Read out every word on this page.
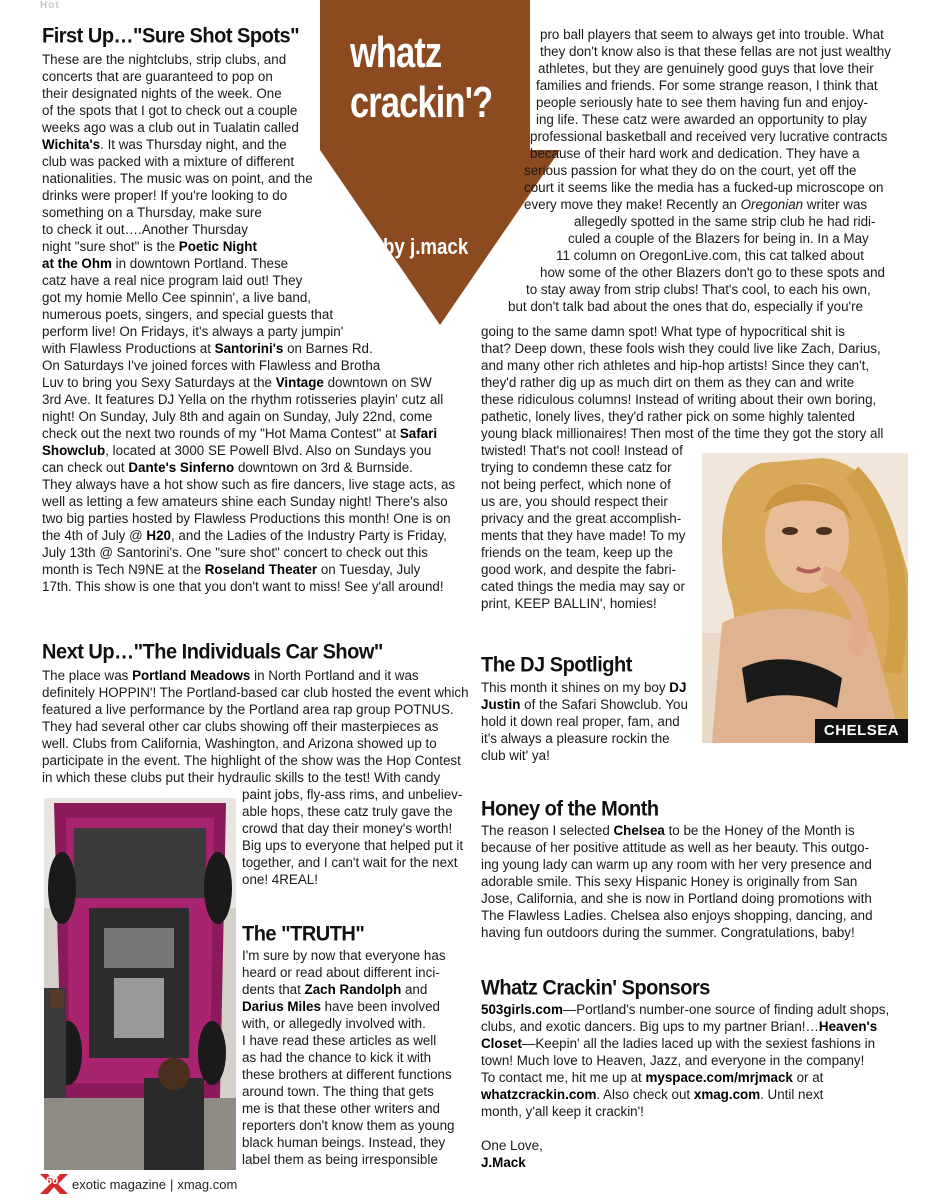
Hot
whatz
crackin'?
by j.mack
First Up…"Sure Shot Spots"
These are the nightclubs, strip clubs, and
concerts that are guaranteed to pop on
their designated nights of the week. One
of the spots that I got to check out a couple
weeks ago was a club out in Tualatin called
Wichita's. It was Thursday night, and the
club was packed with a mixture of different
nationalities. The music was on point, and the
drinks were proper! If you're looking to do
something on a Thursday, make sure
to check it out….Another Thursday
night "sure shot" is the Poetic Night
at the Ohm in downtown Portland. These
catz have a real nice program laid out! They
got my homie Mello Cee spinnin', a live band,
numerous poets, singers, and special guests that
perform live! On Fridays, it's always a party jumpin'
with Flawless Productions at Santorini's on Barnes Rd.
On Saturdays I've joined forces with Flawless and Brotha
Luv to bring you Sexy Saturdays at the Vintage downtown on SW
3rd Ave. It features DJ Yella on the rhythm rotisseries playin' cutz all
night! On Sunday, July 8th and again on Sunday, July 22nd, come
check out the next two rounds of my "Hot Mama Contest" at Safari
Showclub, located at 3000 SE Powell Blvd. Also on Sundays you
can check out Dante's Sinferno downtown on 3rd & Burnside.
They always have a hot show such as fire dancers, live stage acts, as
well as letting a few amateurs shine each Sunday night! There's also
two big parties hosted by Flawless Productions this month! One is on
the 4th of July @ H20, and the Ladies of the Industry Party is Friday,
July 13th @ Santorini's. One "sure shot" concert to check out this
month is Tech N9NE at the Roseland Theater on Tuesday, July
17th. This show is one that you don't want to miss! See y'all around!
Next Up…"The Individuals Car Show"
The place was Portland Meadows in North Portland and it was
definitely HOPPIN'! The Portland-based car club hosted the event which
featured a live performance by the Portland area rap group POTNUS.
They had several other car clubs showing off their masterpieces as
well. Clubs from California, Washington, and Arizona showed up to
participate in the event. The highlight of the show was the Hop Contest
in which these clubs put their hydraulic skills to the test! With candy
paint jobs, fly-ass rims, and unbeliev-
able hops, these catz truly gave the
crowd that day their money's worth!
Big ups to everyone that helped put it
together, and I can't wait for the next
one! 4REAL!
The "TRUTH"
I'm sure by now that everyone has
heard or read about different inci-
dents that Zach Randolph and
Darius Miles have been involved
with, or allegedly involved with.
I have read these articles as well
as had the chance to kick it with
these brothers at different functions
around town. The thing that gets
me is that these other writers and
reporters don't know them as young
black human beings. Instead, they
label them as being irresponsible
pro ball players that seem to always get into trouble. What
they don't know also is that these fellas are not just wealthy
athletes, but they are genuinely good guys that love their
families and friends. For some strange reason, I think that
people seriously hate to see them having fun and enjoy-
ing life. These catz were awarded an opportunity to play
professional basketball and received very lucrative contracts
because of their hard work and dedication. They have a
serious passion for what they do on the court, yet off the
court it seems like the media has a fucked-up microscope on
every move they make! Recently an Oregonian writer was
allegedly spotted in the same strip club he had ridi-
culed a couple of the Blazers for being in. In a May
11 column on OregonLive.com, this cat talked about
how some of the other Blazers don't go to these spots and
to stay away from strip clubs! That's cool, to each his own,
but don't talk bad about the ones that do, especially if you're
going to the same damn spot! What type of hypocritical shit is
that? Deep down, these fools wish they could live like Zach, Darius,
and many other rich athletes and hip-hop artists! Since they can't,
they'd rather dig up as much dirt on them as they can and write
these ridiculous columns! Instead of writing about their own boring,
pathetic, lonely lives, they'd rather pick on some highly talented
young black millionaires! Then most of the time they got the story all
twisted! That's not cool! Instead of
trying to condemn these catz for
not being perfect, which none of
us are, you should respect their
privacy and the great accomplish-
ments that they have made! To my
friends on the team, keep up the
good work, and despite the fabri-
cated things the media may say or
print, KEEP BALLIN', homies!
CHELSEA
The DJ Spotlight
This month it shines on my boy DJ
Justin of the Safari Showclub. You
hold it down real proper, fam, and
it's always a pleasure rockin the
club wit' ya!
Honey of the Month
The reason I selected Chelsea to be the Honey of the Month is
because of her positive attitude as well as her beauty. This outgo-
ing young lady can warm up any room with her very presence and
adorable smile. This sexy Hispanic Honey is originally from San
Jose, California, and she is now in Portland doing promotions with
The Flawless Ladies. Chelsea also enjoys shopping, dancing, and
having fun outdoors during the summer. Congratulations, baby!
Whatz Crackin' Sponsors
503girls.com—Portland's number-one source of finding adult shops,
clubs, and exotic dancers. Big ups to my partner Brian!…Heaven's
Closet—Keepin' all the ladies laced up with the sexiest fashions in
town! Much love to Heaven, Jazz, and everyone in the company!
To contact me, hit me up at myspace.com/mrjmack or at
whatzcrackin.com. Also check out xmag.com. Until next
month, y'all keep it crackin'!
One Love,
J.Mack
60 exotic magazine | xmag.com
